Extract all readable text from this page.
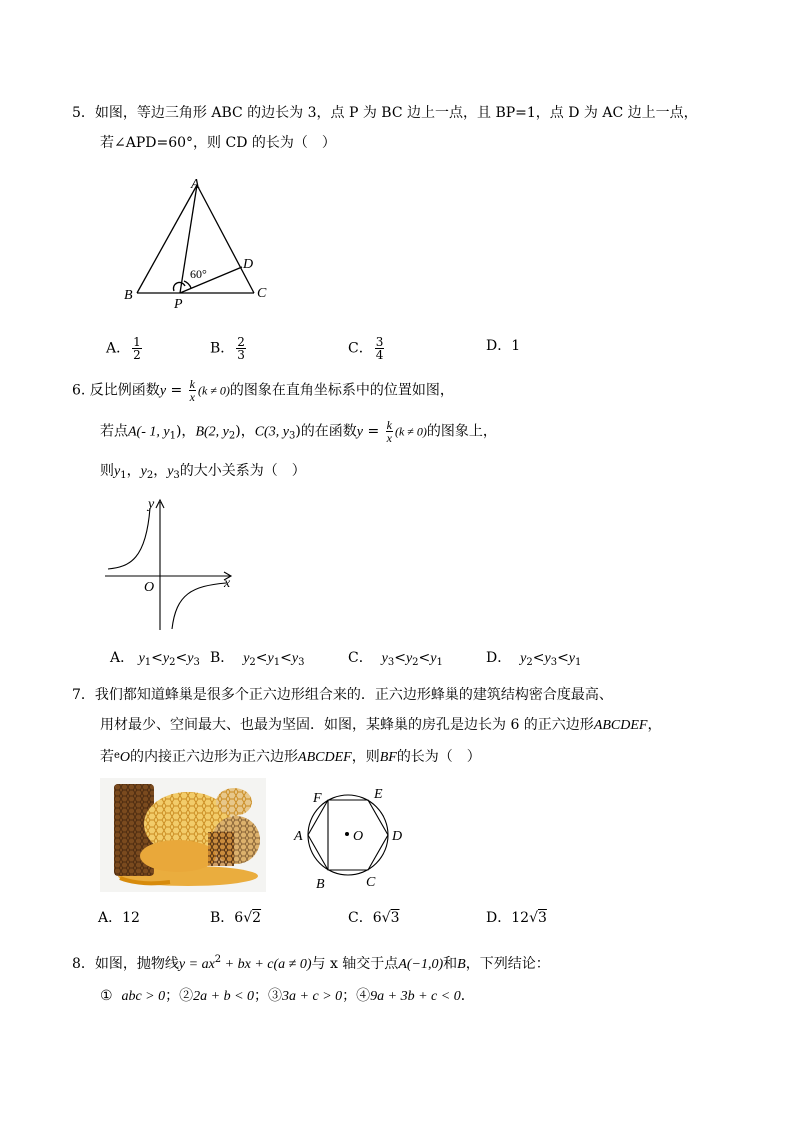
5．如图，等边三角形 ABC 的边长为 3，点 P 为 BC 边上一点，且 BP=1，点 D 为 AC 边上一点，
若∠APD=60°，则 CD 的长为（　）
A
B	C
D
P
60°
A． $\frac{1}{2}$	B． $\frac{2}{3}$	C． $\frac{3}{4}$	D．1
6. 反比例函数$y = \frac{k}{x} (k \ne 0)$的图象在直角坐标系中的位置如图，
若点A(- 1, $y_1$)，B(2, $y_2$)，C(3, $y_3$)的在函数$y = \frac{k}{x} (k \ne 0)$的图象上，
则$y_1$，$y_2$，$y_3$的大小关系为（　）
x
y
O
A． $y_1<y_2<y_3$ B． $y_2<y_1<y_3$	C． $y_3<y_2<y_1$	D． $y_2<y_3<y_1$
7．我们都知道蜂巢是很多个正六边形组合来的．正六边形蜂巢的建筑结构密合度最高、
用材最少、空间最大、也最为坚固．如图，某蜂巢的房孔是边长为 6 的正六边形ABCDEF，
若$^e$O的内接正六边形为正六边形ABCDEF，则BF的长为（　）
A
B	C
D
E
F
O
A．12	B．6√2	C．6√3	D．12√3
8．如图，抛物线$y = ax^2$ + bx + c(a ≠ 0)与 x 轴交于点A(−1,0)和B，下列结论：
① abc > 0；②2a + b < 0；③3a + c > 0；④9a + 3b + c < 0．
